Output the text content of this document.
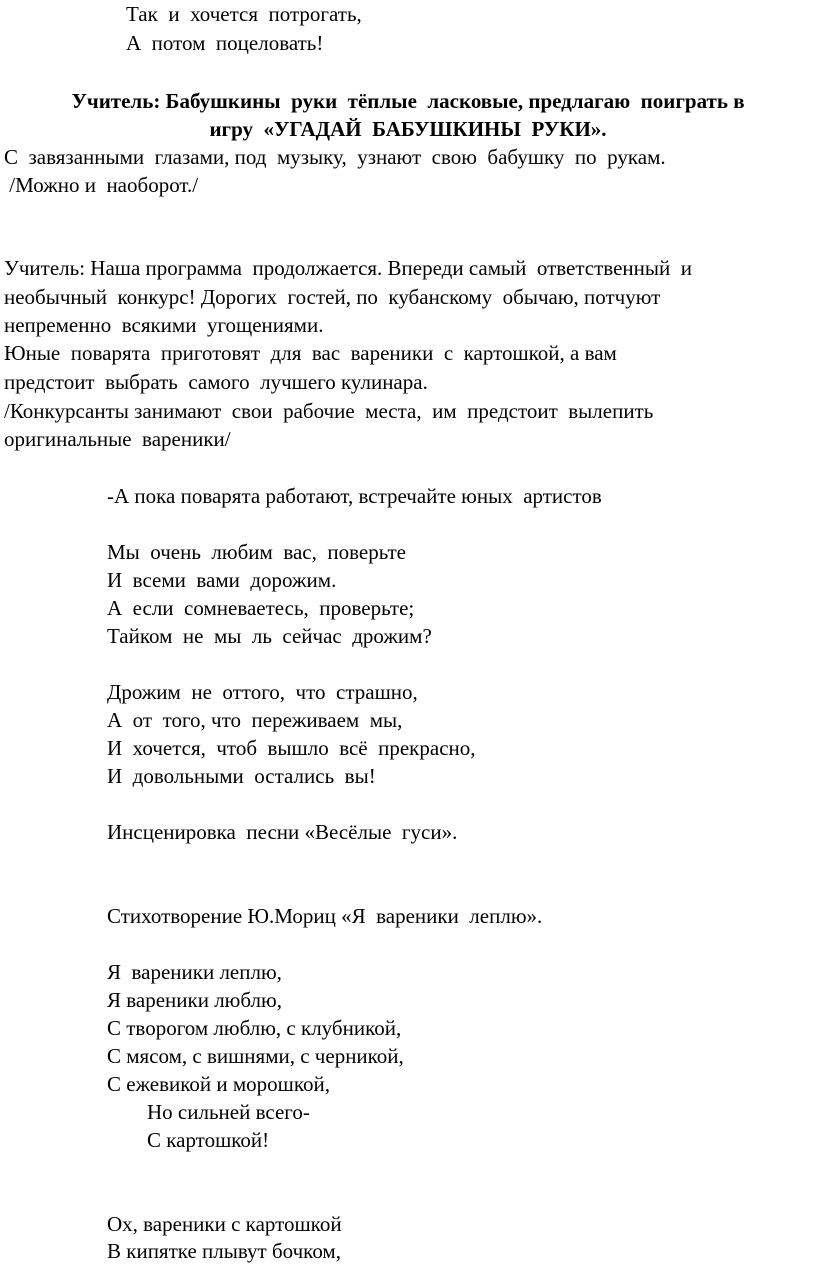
Так  и  хочется  потрогать,
А  потом  поцеловать!
Учитель: Бабушкины  руки  тёплые  ласковые, предлагаю  поиграть в
игру  «УГАДАЙ  БАБУШКИНЫ  РУКИ».
С  завязанными  глазами, под  музыку,  узнают  свою  бабушку  по  рукам.
/Можно и  наоборот./
Учитель: Наша программа  продолжается. Впереди самый  ответственный  и
необычный  конкурс! Дорогих  гостей, по  кубанскому  обычаю, потчуют
непременно  всякими  угощениями.
Юные  поварята  приготовят  для  вас  вареники  с  картошкой, а вам
предстоит  выбрать  самого  лучшего кулинара.
/Конкурсанты занимают  свои  рабочие  места,  им  предстоит  вылепить
оригинальные  вареники/
-А пока поварята работают, встречайте юных  артистов
Мы  очень  любим  вас,  поверьте
И  всеми  вами  дорожим.
А  если  сомневаетесь,  проверьте;
Тайком  не  мы  ль  сейчас  дрожим?
Дрожим  не  оттого,  что  страшно,
А  от  того, что  переживаем  мы,
И  хочется,  чтоб  вышло  всё  прекрасно,
И  довольными  остались  вы!
Инсценировка  песни «Весёлые  гуси».
Стихотворение Ю.Мориц «Я  вареники  леплю».
Я  вареники леплю,
Я вареники люблю,
С творогом люблю, с клубникой,
С мясом, с вишнями, с черникой,
С ежевикой и морошкой,
Но сильней всего-
С картошкой!
Ох, вареники с картошкой
В кипятке плывут бочком,
